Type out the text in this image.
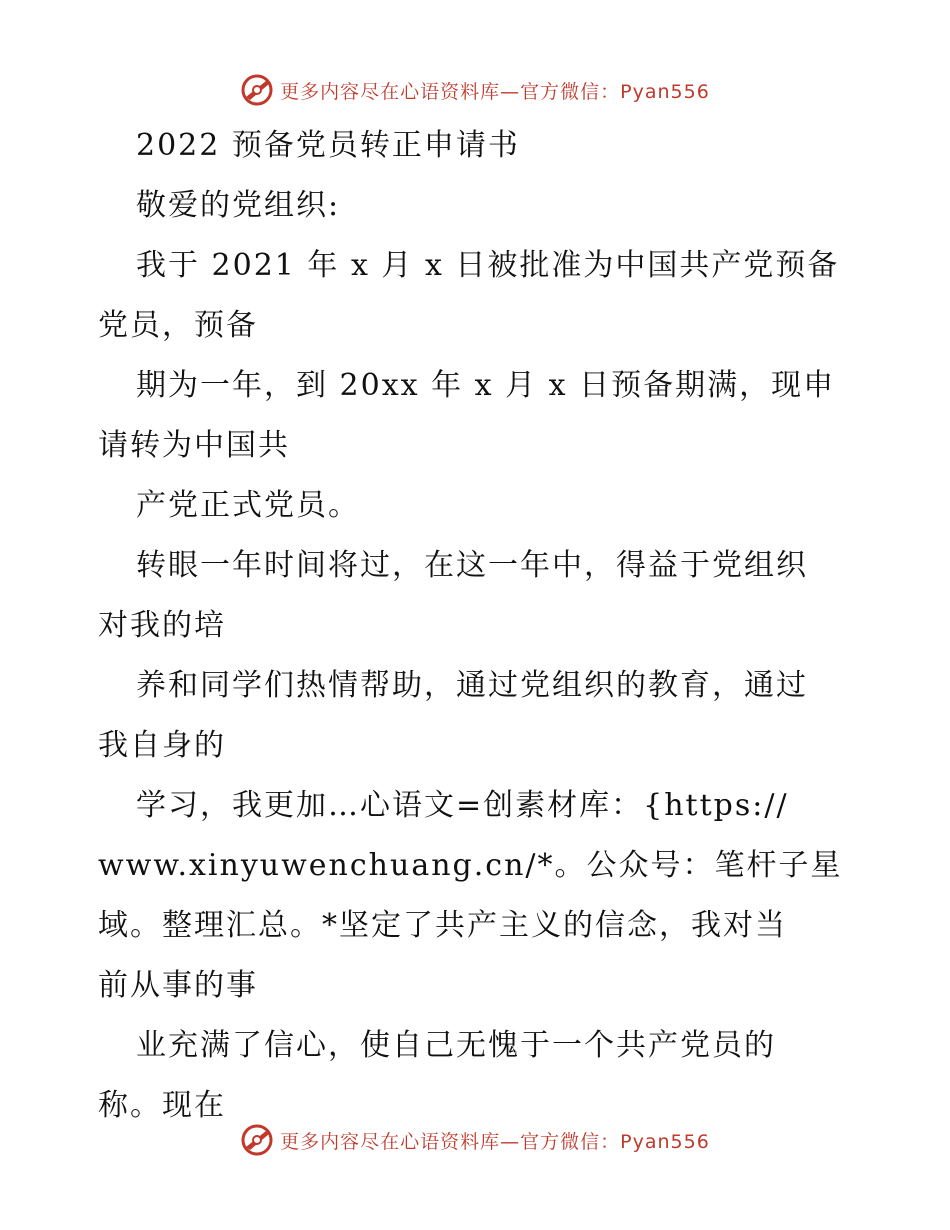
更多内容尽在心语资料库—官方微信：Pyan556
2022 预备党员转正申请书
敬爱的党组织:
我于 2021 年 x 月 x 日被批准为中国共产党预备
党员，预备
期为一年，到 20xx 年 x 月 x 日预备期满，现申
请转为中国共
产党正式党员。
转眼一年时间将过，在这一年中，得益于党组织
对我的培
养和同学们热情帮助，通过党组织的教育，通过
我自身的
学习，我更加…心语文=创素材库：{https://
www.xinyuwenchuang.cn/*。公众号：笔杆子星
域。整理汇总。*坚定了共产主义的信念，我对当
前从事的事
业充满了信心，使自己无愧于一个共产党员的
称。现在
更多内容尽在心语资料库—官方微信：Pyan556
